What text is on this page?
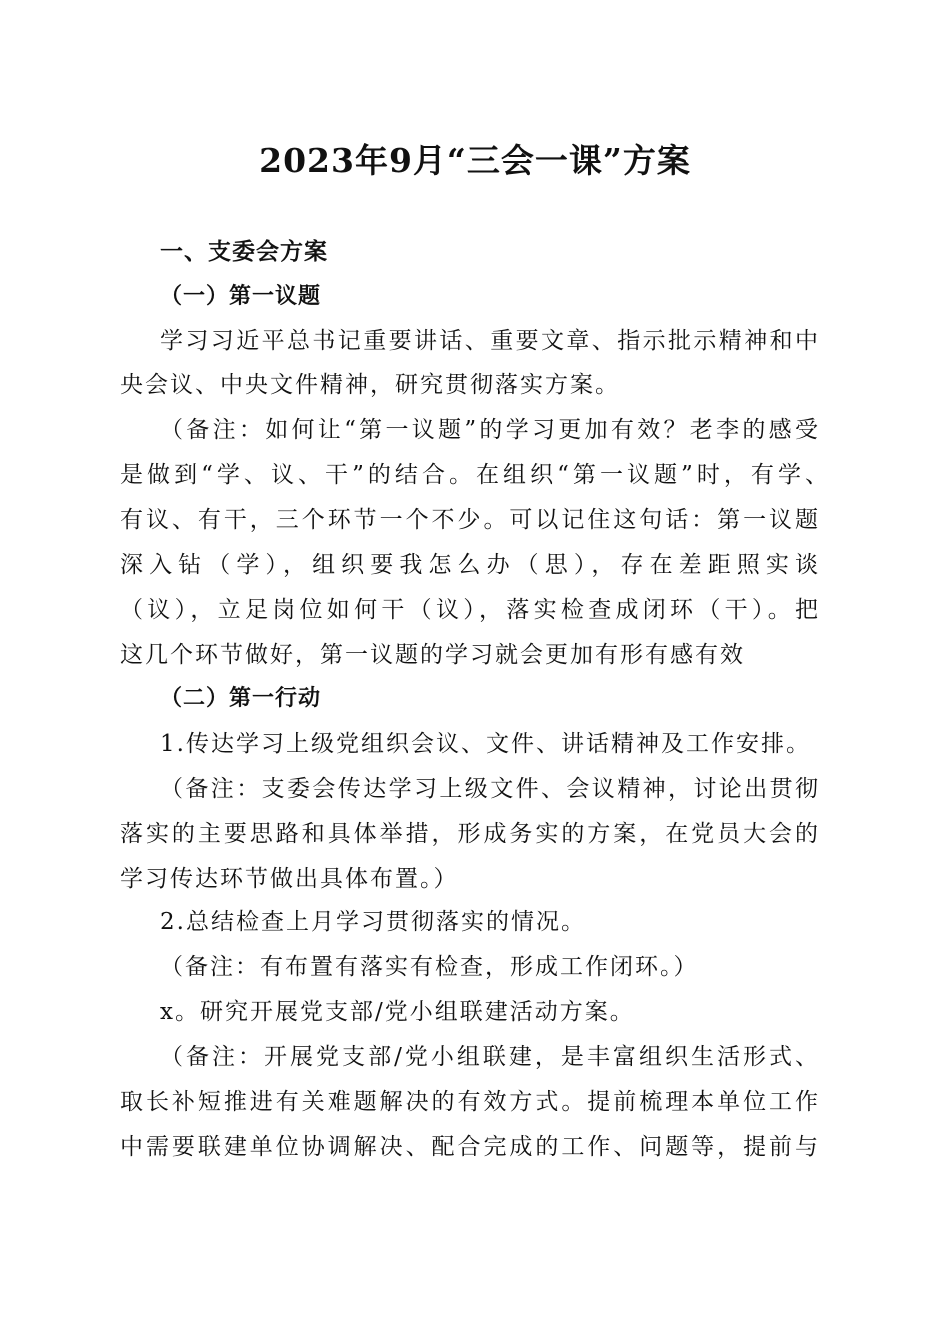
2023年9月“三会一课”方案
一、支委会方案
（一）第一议题
学习习近平总书记重要讲话、重要文章、指示批示精神和中
央会议、中央文件精神，研究贯彻落实方案。
（备注：如何让“第一议题”的学习更加有效？老李的感受
是做到“学、议、干”的结合。在组织“第一议题”时，有学、
有议、有干，三个环节一个不少。可以记住这句话：第一议题
深入钻（学），组织要我怎么办（思），存在差距照实谈
（议），立足岗位如何干（议），落实检查成闭环（干）。把
这几个环节做好，第一议题的学习就会更加有形有感有效
（二）第一行动
1.传达学习上级党组织会议、文件、讲话精神及工作安排。
（备注：支委会传达学习上级文件、会议精神，讨论出贯彻
落实的主要思路和具体举措，形成务实的方案，在党员大会的
学习传达环节做出具体布置。）
2.总结检查上月学习贯彻落实的情况。
（备注：有布置有落实有检查，形成工作闭环。）
x。研究开展党支部/党小组联建活动方案。
（备注：开展党支部/党小组联建，是丰富组织生活形式、
取长补短推进有关难题解决的有效方式。提前梳理本单位工作
中需要联建单位协调解决、配合完成的工作、问题等，提前与
